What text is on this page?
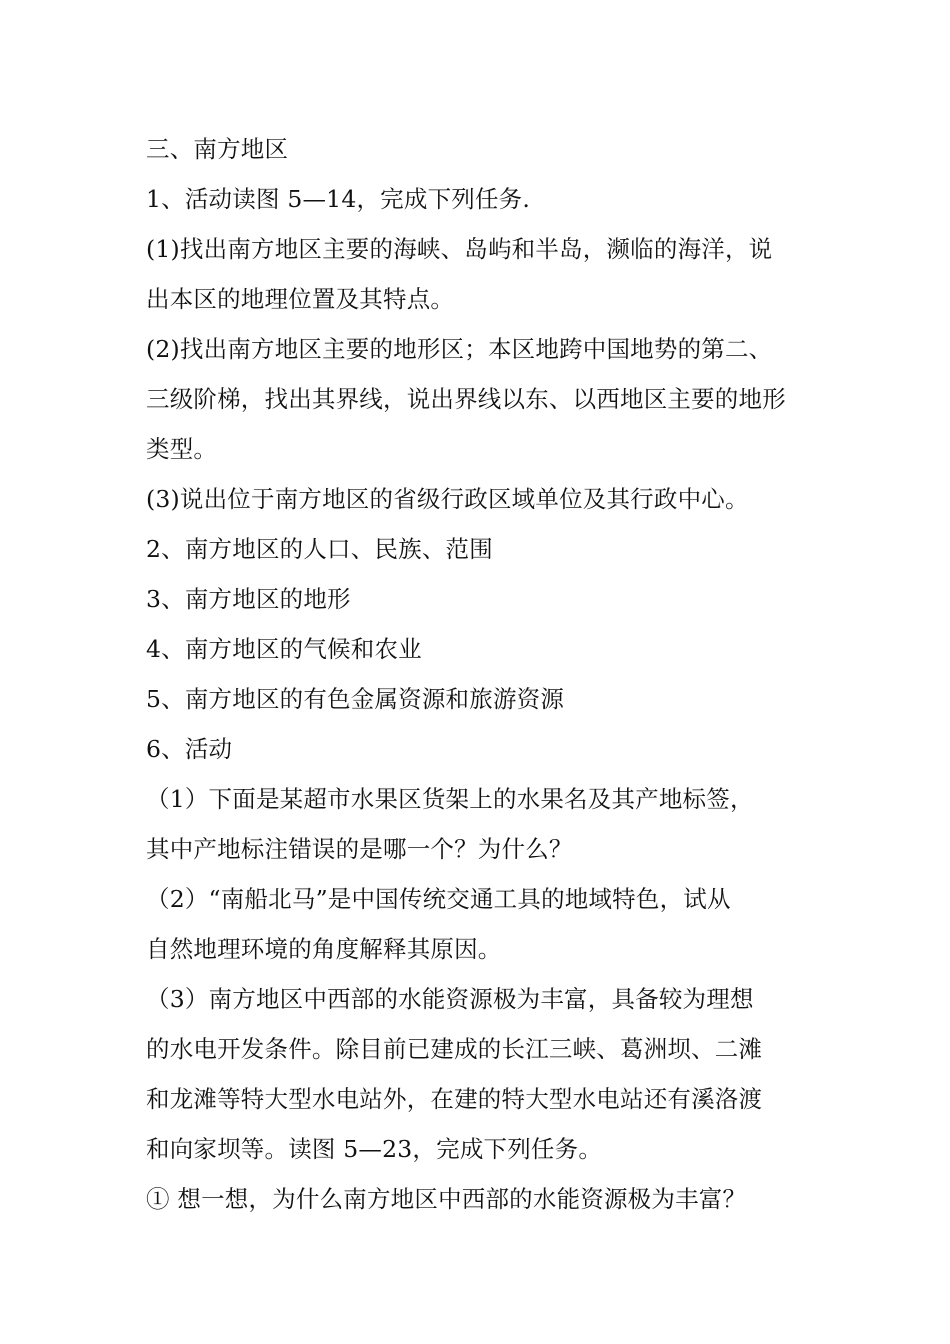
三、南方地区
1、活动读图 5—14，完成下列任务.
(1)找出南方地区主要的海峡、岛屿和半岛，濒临的海洋，说
出本区的地理位置及其特点。
(2)找出南方地区主要的地形区；本区地跨中国地势的第二、
三级阶梯，找出其界线，说出界线以东、以西地区主要的地形
类型。
(3)说出位于南方地区的省级行政区域单位及其行政中心。
2、南方地区的人口、民族、范围
3、南方地区的地形
4、南方地区的气候和农业
5、南方地区的有色金属资源和旅游资源
6、活动
（1）下面是某超市水果区货架上的水果名及其产地标签，
其中产地标注错误的是哪一个？为什么？
（2）“南船北马”是中国传统交通工具的地域特色，试从
自然地理环境的角度解释其原因。
（3）南方地区中西部的水能资源极为丰富，具备较为理想
的水电开发条件。除目前已建成的长江三峡、葛洲坝、二滩
和龙滩等特大型水电站外，在建的特大型水电站还有溪洛渡
和向家坝等。读图 5—23，完成下列任务。
① 想一想，为什么南方地区中西部的水能资源极为丰富？
